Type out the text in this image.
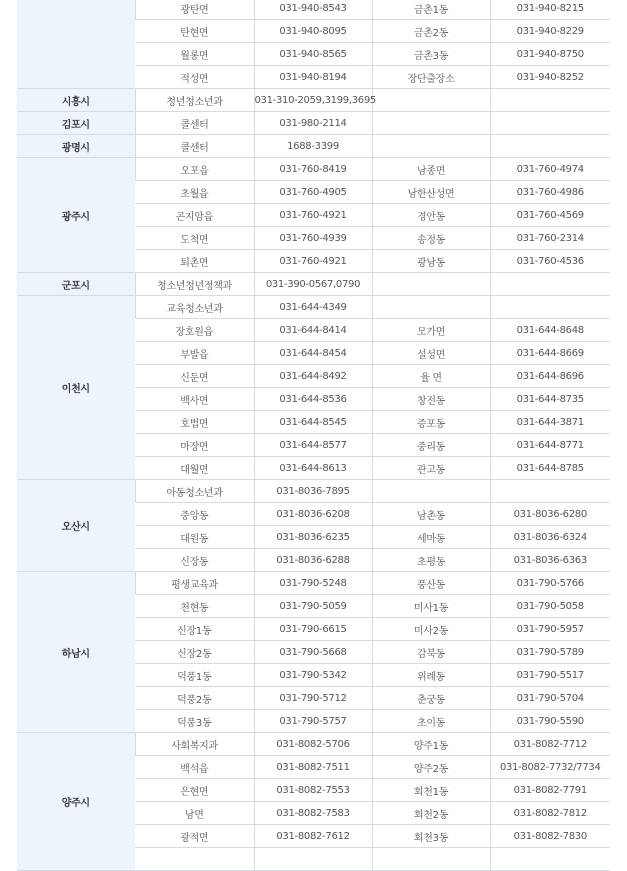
	광탄면	031-940-8543	금촌1동	031-940-8215
	탄현면	031-940-8095	금촌2동	031-940-8229
	월롱면	031-940-8565	금촌3동	031-940-8750
	적성면	031-940-8194	장단출장소	031-940-8252
시흥시	청년청소년과	031-310-2059,3199,3695		
김포시	콜센터	031-980-2114		
광명시	콜센터	1688-3399		
광주시	오포읍	031-760-8419	남종면	031-760-4974
	초월읍	031-760-4905	남한산성면	031-760-4986
	곤지암읍	031-760-4921	경안동	031-760-4569
	도척면	031-760-4939	송정동	031-760-2314
	퇴촌면	031-760-4921	광남동	031-760-4536
군포시	청소년청년정책과	031-390-0567,0790		
이천시	교육청소년과	031-644-4349		
	장호원읍	031-644-8414	모가면	031-644-8648
	부발읍	031-644-8454	설성면	031-644-8669
	신둔면	031-644-8492	율 면	031-644-8696
	백사면	031-644-8536	창전동	031-644-8735
	호법면	031-644-8545	증포동	031-644-3871
	마장면	031-644-8577	중리동	031-644-8771
	대월면	031-644-8613	관고동	031-644-8785
오산시	아동청소년과	031-8036-7895		
	중앙동	031-8036-6208	남촌동	031-8036-6280
	대원동	031-8036-6235	세마동	031-8036-6324
	신장동	031-8036-6288	초평동	031-8036-6363
하남시	평생교육과	031-790-5248	풍산동	031-790-5766
	천현동	031-790-5059	미사1동	031-790-5058
	신장1동	031-790-6615	미사2동	031-790-5957
	신장2동	031-790-5668	감북동	031-790-5789
	덕풍1동	031-790-5342	위례동	031-790-5517
	덕풍2동	031-790-5712	춘궁동	031-790-5704
	덕풍3동	031-790-5757	초이동	031-790-5590
양주시	사회복지과	031-8082-5706	양주1동	031-8082-7712
	백석읍	031-8082-7511	양주2동	031-8082-7732/7734
	은현면	031-8082-7553	회천1동	031-8082-7791
	남면	031-8082-7583	회천2동	031-8082-7812
	광적면	031-8082-7612	회천3동	031-8082-7830
